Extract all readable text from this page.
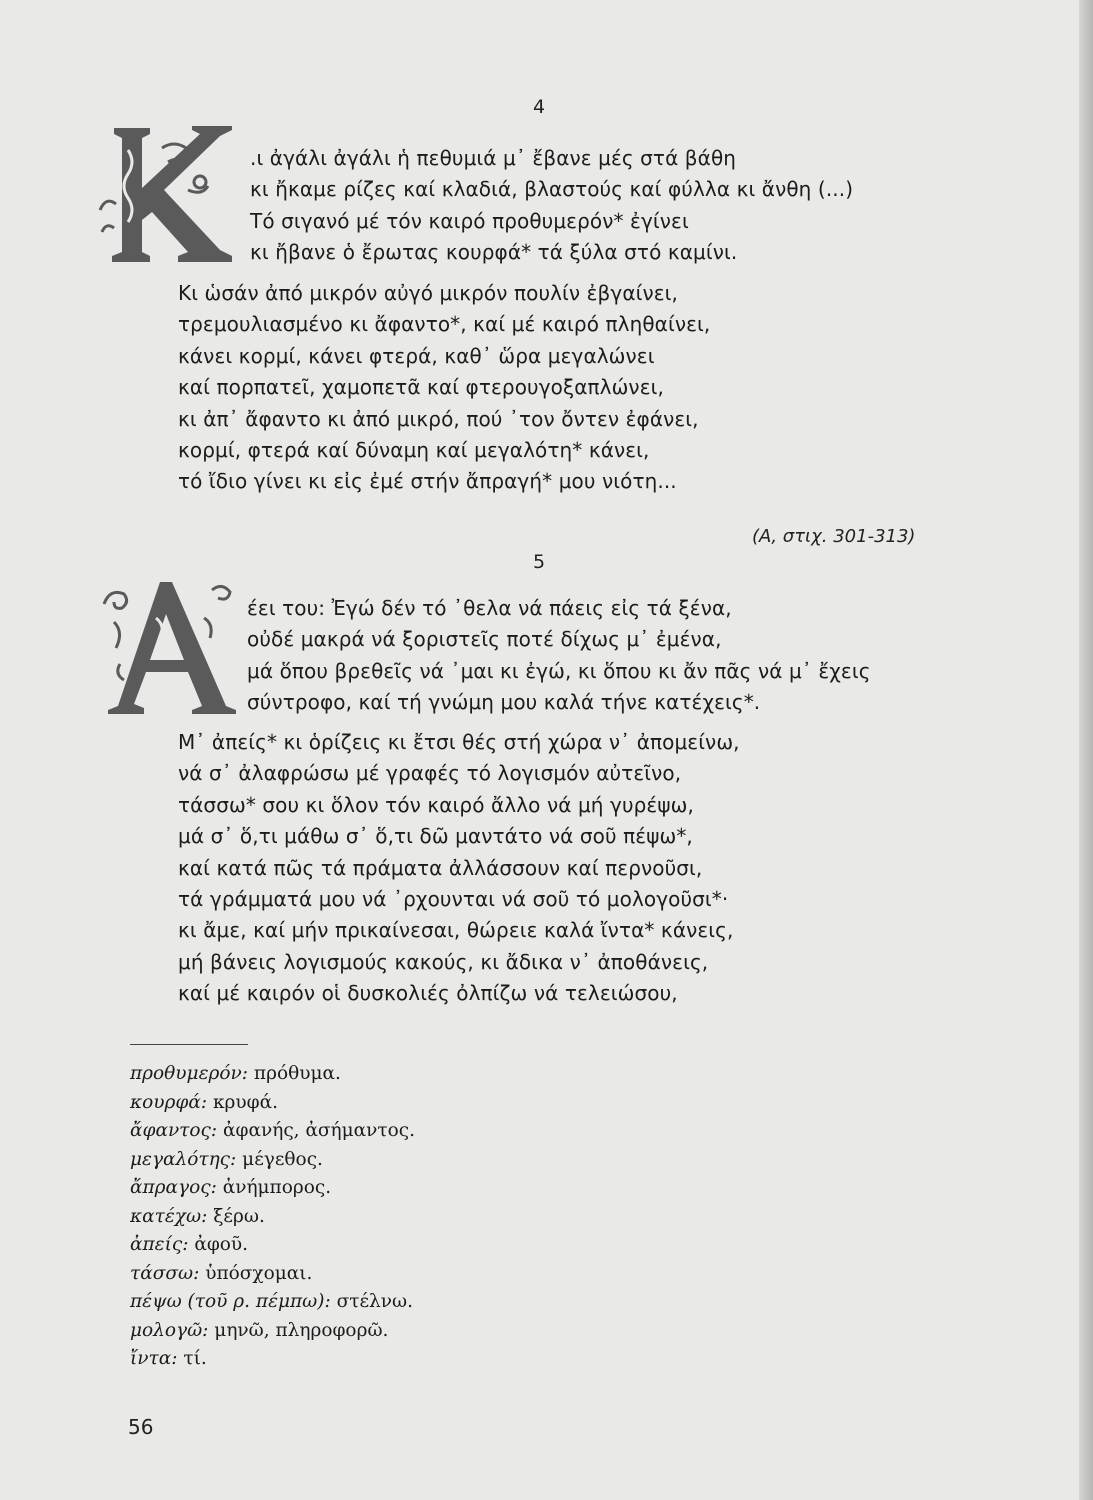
4
.ι ἀγάλι ἀγάλι ἡ πεθυμιά μ᾽ ἔβανε μές στά βάθη
κι ἤκαμε ρίζες καί κλαδιά, βλαστούς καί φύλλα κι ἄνθη (...)
Τό σιγανό μέ τόν καιρό προθυμερόν* ἐγίνει
κι ἤβανε ὁ ἔρωτας κουρφά* τά ξύλα στό καμίνι.
Κι ὡσάν ἀπό μικρόν αὐγό μικρόν πουλίν ἐβγαίνει,
τρεμουλιασμένο κι ἄφαντο*, καί μέ καιρό πληθαίνει,
κάνει κορμί, κάνει φτερά, καθ᾽ ὥρα μεγαλώνει
καί πορπατεῖ, χαμοπετᾶ καί φτερουγοξαπλώνει,
κι ἀπ᾽ ἄφαντο κι ἀπό μικρό, πού ᾽τον ὄντεν ἐφάνει,
κορμί, φτερά καί δύναμη καί μεγαλότη* κάνει,
τό ἴδιο γίνει κι εἰς ἐμέ στήν ἄπραγή* μου νιότη...
(Α, στιχ. 301-313)
5
έει του: Ἐγώ δέν τό ᾽θελα νά πάεις εἰς τά ξένα,
οὐδέ μακρά νά ξοριστεῖς ποτέ δίχως μ᾽ ἐμένα,
μά ὅπου βρεθεῖς νά ᾽μαι κι ἐγώ, κι ὅπου κι ἄν πᾶς νά μ᾽ ἔχεις
σύντροφο, καί τή γνώμη μου καλά τήνε κατέχεις*.
Μ᾽ ἀπείς* κι ὁρίζεις κι ἔτσι θές στή χώρα ν᾽ ἀπομείνω,
νά σ᾽ ἀλαφρώσω μέ γραφές τό λογισμόν αὐτεῖνο,
τάσσω* σου κι ὅλον τόν καιρό ἄλλο νά μή γυρέψω,
μά σ᾽ ὅ,τι μάθω σ᾽ ὅ,τι δῶ μαντάτο νά σοῦ πέψω*,
καί κατά πῶς τά πράματα ἀλλάσσουν καί περνοῦσι,
τά γράμματά μου νά ᾽ρχουνται νά σοῦ τό μολογοῦσι*·
κι ἄμε, καί μήν πρικαίνεσαι, θώρειε καλά ἴντα* κάνεις,
μή βάνεις λογισμούς κακούς, κι ἄδικα ν᾽ ἀποθάνεις,
καί μέ καιρόν οἱ δυσκολιές ὀλπίζω νά τελειώσου,
προθυμερόν: πρόθυμα.
κουρφά: κρυφά.
ἄφαντος: ἀφανής, ἀσήμαντος.
μεγαλότης: μέγεθος.
ἄπραγος: ἀνήμπορος.
κατέχω: ξέρω.
ἀπείς: ἀφοῦ.
τάσσω: ὑπόσχομαι.
πέψω (τοῦ ρ. πέμπω): στέλνω.
μολογῶ: μηνῶ, πληροφορῶ.
ἴντα: τί.
56
